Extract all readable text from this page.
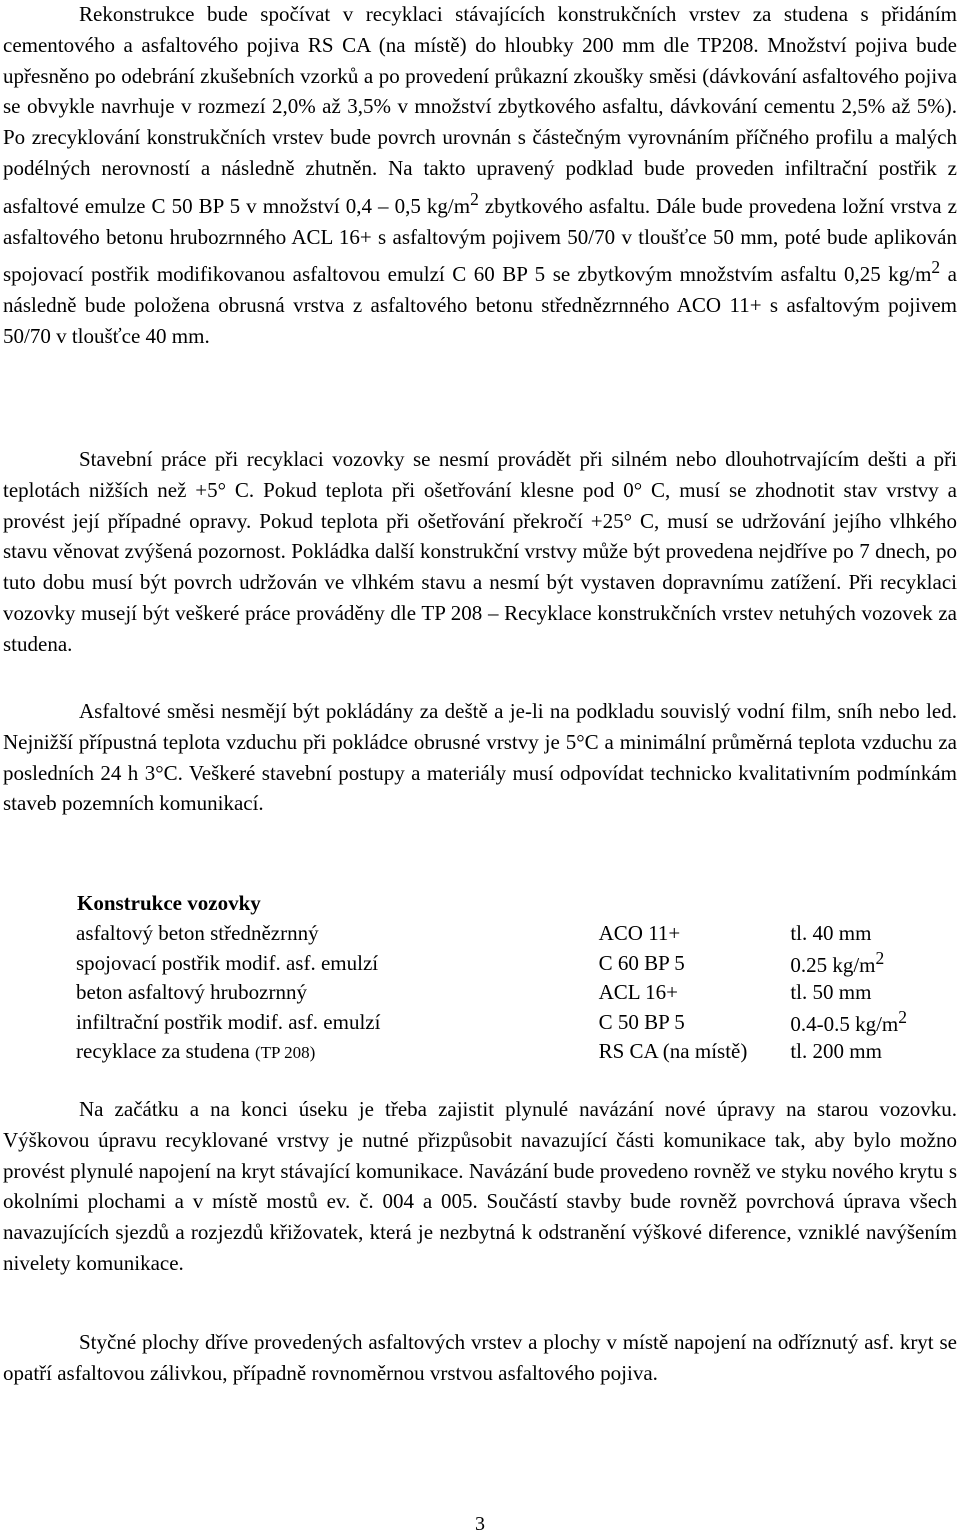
Rekonstrukce bude spočívat v recyklaci stávajících konstrukčních vrstev za studena s přidáním cementového a asfaltového pojiva RS CA (na místě) do hloubky 200 mm dle TP208. Množství pojiva bude upřesněno po odebrání zkušebních vzorků a po provedení průkazní zkoušky směsi (dávkování asfaltového pojiva se obvykle navrhuje v rozmezí 2,0% až 3,5% v množství zbytkového asfaltu, dávkování cementu 2,5% až 5%). Po zrecyklování konstrukčních vrstev bude povrch urovnán s částečným vyrovnáním příčného profilu a malých podélných nerovností a následně zhutněn. Na takto upravený podklad bude proveden infiltrační postřik z asfaltové emulze C 50 BP 5 v množství 0,4 – 0,5 $kg/m^2$ zbytkového asfaltu. Dále bude provedena ložní vrstva z asfaltového betonu hrubozrnného ACL 16+ s asfaltovým pojivem 50/70 v tloušťce 50 mm, poté bude aplikován spojovací postřik modifikovanou asfaltovou emulzí C 60 BP 5 se zbytkovým množstvím asfaltu 0,25 $kg/m^2$ a následně bude položena obrusná vrstva z asfaltového betonu střednězrnného ACO 11+ s asfaltovým pojivem 50/70 v tloušťce 40 mm.

Stavební práce při recyklaci vozovky se nesmí provádět při silném nebo dlouhotrvajícím dešti a při teplotách nižších než +5° C. Pokud teplota při ošetřování klesne pod 0° C, musí se zhodnotit stav vrstvy a provést její případné opravy. Pokud teplota při ošetřování překročí +25° C, musí se udržování jejího vlhkého stavu věnovat zvýšená pozornost. Pokládka další konstrukční vrstvy může být provedena nejdříve po 7 dnech, po tuto dobu musí být povrch udržován ve vlhkém stavu a nesmí být vystaven dopravnímu zatížení. Při recyklaci vozovky musejí být veškeré práce prováděny dle TP 208 – Recyklace konstrukčních vrstev netuhých vozovek za studena.

Asfaltové směsi nesmějí být pokládány za deště a je-li na podkladu souvislý vodní film, sníh nebo led. Nejnižší přípustná teplota vzduchu při pokládce obrusné vrstvy je 5°C a minimální průměrná teplota vzduchu za posledních 24 h 3°C. Veškeré stavební postupy a materiály musí odpovídat technicko kvalitativním podmínkám staveb pozemních komunikací.

Konstrukce vozovky

asfaltový beton střednězrnný	ACO 11+	tl. 40 mm
spojovací postřik modif. asf. emulzí	C 60 BP 5	0.25 $kg/m^2$
beton asfaltový hrubozrnný	ACL 16+	tl. 50 mm
infiltrační postřik modif. asf. emulzí	C 50 BP 5	0.4-0.5 $kg/m^2$
recyklace za studena (TP 208)	RS CA (na místě)	tl. 200 mm

Na začátku a na konci úseku je třeba zajistit plynulé navázání nové úpravy na starou vozovku. Výškovou úpravu recyklované vrstvy je nutné přizpůsobit navazující části komunikace tak, aby bylo možno provést plynulé napojení na kryt stávající komunikace. Navázání bude provedeno rovněž ve styku nového krytu s okolními plochami a v místě mostů ev. č. 004 a 005. Součástí stavby bude rovněž povrchová úprava všech navazujících sjezdů a rozjezdů křižovatek, která je nezbytná k odstranění výškové diference, vzniklé navýšením nivelety komunikace.

Styčné plochy dříve provedených asfaltových vrstev a plochy v místě napojení na odříznutý asf. kryt se opatří asfaltovou zálivkou, případně rovnoměrnou vrstvou asfaltového pojiva.

3
